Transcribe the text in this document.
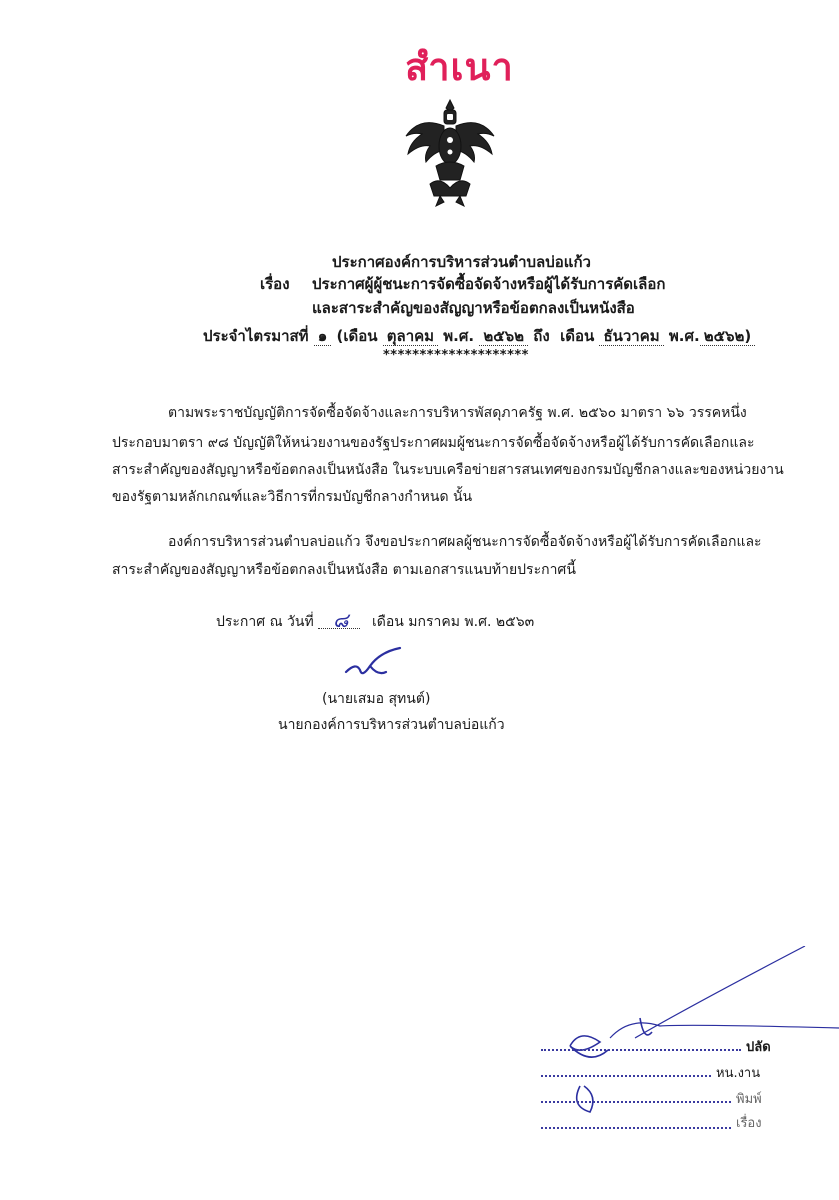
สำเนา
ประกาศองค์การบริหารส่วนตำบลบ่อแก้ว
เรื่อง ประกาศผู้ผู้ชนะการจัดซื้อจัดจ้างหรือผู้ได้รับการคัดเลือก
และสาระสำคัญของสัญญาหรือข้อตกลงเป็นหนังสือ
ประจำไตรมาสที่ ๑ (เดือน ตุลาคม พ.ศ. ๒๕๖๒ ถึง เดือน ธันวาคม พ.ศ. ๒๕๖๒)
********************
ตามพระราชบัญญัติการจัดซื้อจัดจ้างและการบริหารพัสดุภาครัฐ พ.ศ. ๒๕๖๐ มาตรา ๖๖ วรรคหนึ่ง
ประกอบมาตรา ๙๘ บัญญัติให้หน่วยงานของรัฐประกาศผมผู้ชนะการจัดซื้อจัดจ้างหรือผู้ได้รับการคัดเลือกและ
สาระสำคัญของสัญญาหรือข้อตกลงเป็นหนังสือ ในระบบเครือข่ายสารสนเทศของกรมบัญชีกลางและของหน่วยงาน
ของรัฐตามหลักเกณฑ์และวิธีการที่กรมบัญชีกลางกำหนด นั้น
องค์การบริหารส่วนตำบลบ่อแก้ว จึงขอประกาศผลผู้ชนะการจัดซื้อจัดจ้างหรือผู้ได้รับการคัดเลือกและ
สาระสำคัญของสัญญาหรือข้อตกลงเป็นหนังสือ ตามเอกสารแนบท้ายประกาศนี้
ประกาศ ณ วันที่ ๘ เดือน มกราคม พ.ศ. ๒๕๖๓
(นายเสมอ สุทนต์)
นายกองค์การบริหารส่วนตำบลบ่อแก้ว
ปลัด
หน.งาน
พิมพ์
เรื่อง
